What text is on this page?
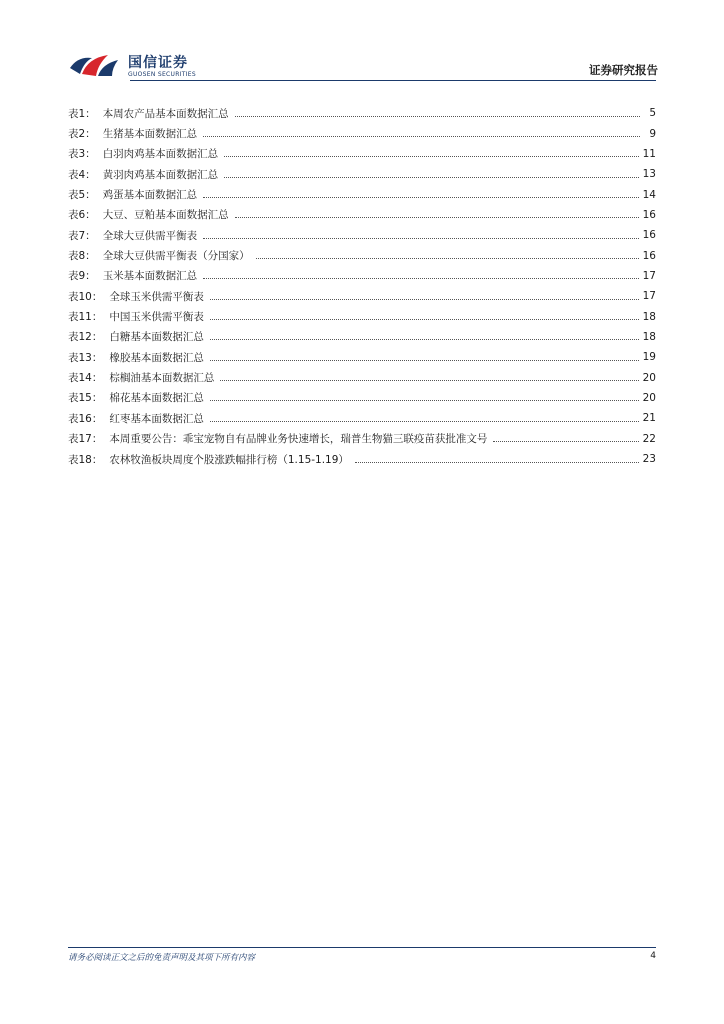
国信证券
GUOSEN SECURITIES	证券研究报告
表1： 本周农产品基本面数据汇总	5
表2： 生猪基本面数据汇总	9
表3： 白羽肉鸡基本面数据汇总	11
表4： 黄羽肉鸡基本面数据汇总	13
表5： 鸡蛋基本面数据汇总	14
表6： 大豆、豆粕基本面数据汇总	16
表7： 全球大豆供需平衡表	16
表8： 全球大豆供需平衡表（分国家）	16
表9： 玉米基本面数据汇总	17
表10： 全球玉米供需平衡表	17
表11： 中国玉米供需平衡表	18
表12： 白糖基本面数据汇总	18
表13： 橡胶基本面数据汇总	19
表14： 棕榈油基本面数据汇总	20
表15： 棉花基本面数据汇总	20
表16： 红枣基本面数据汇总	21
表17： 本周重要公告：乖宝宠物自有品牌业务快速增长，瑞普生物猫三联疫苗获批准文号	22
表18： 农林牧渔板块周度个股涨跌幅排行榜（1.15-1.19）	23
请务必阅读正文之后的免责声明及其项下所有内容	4
